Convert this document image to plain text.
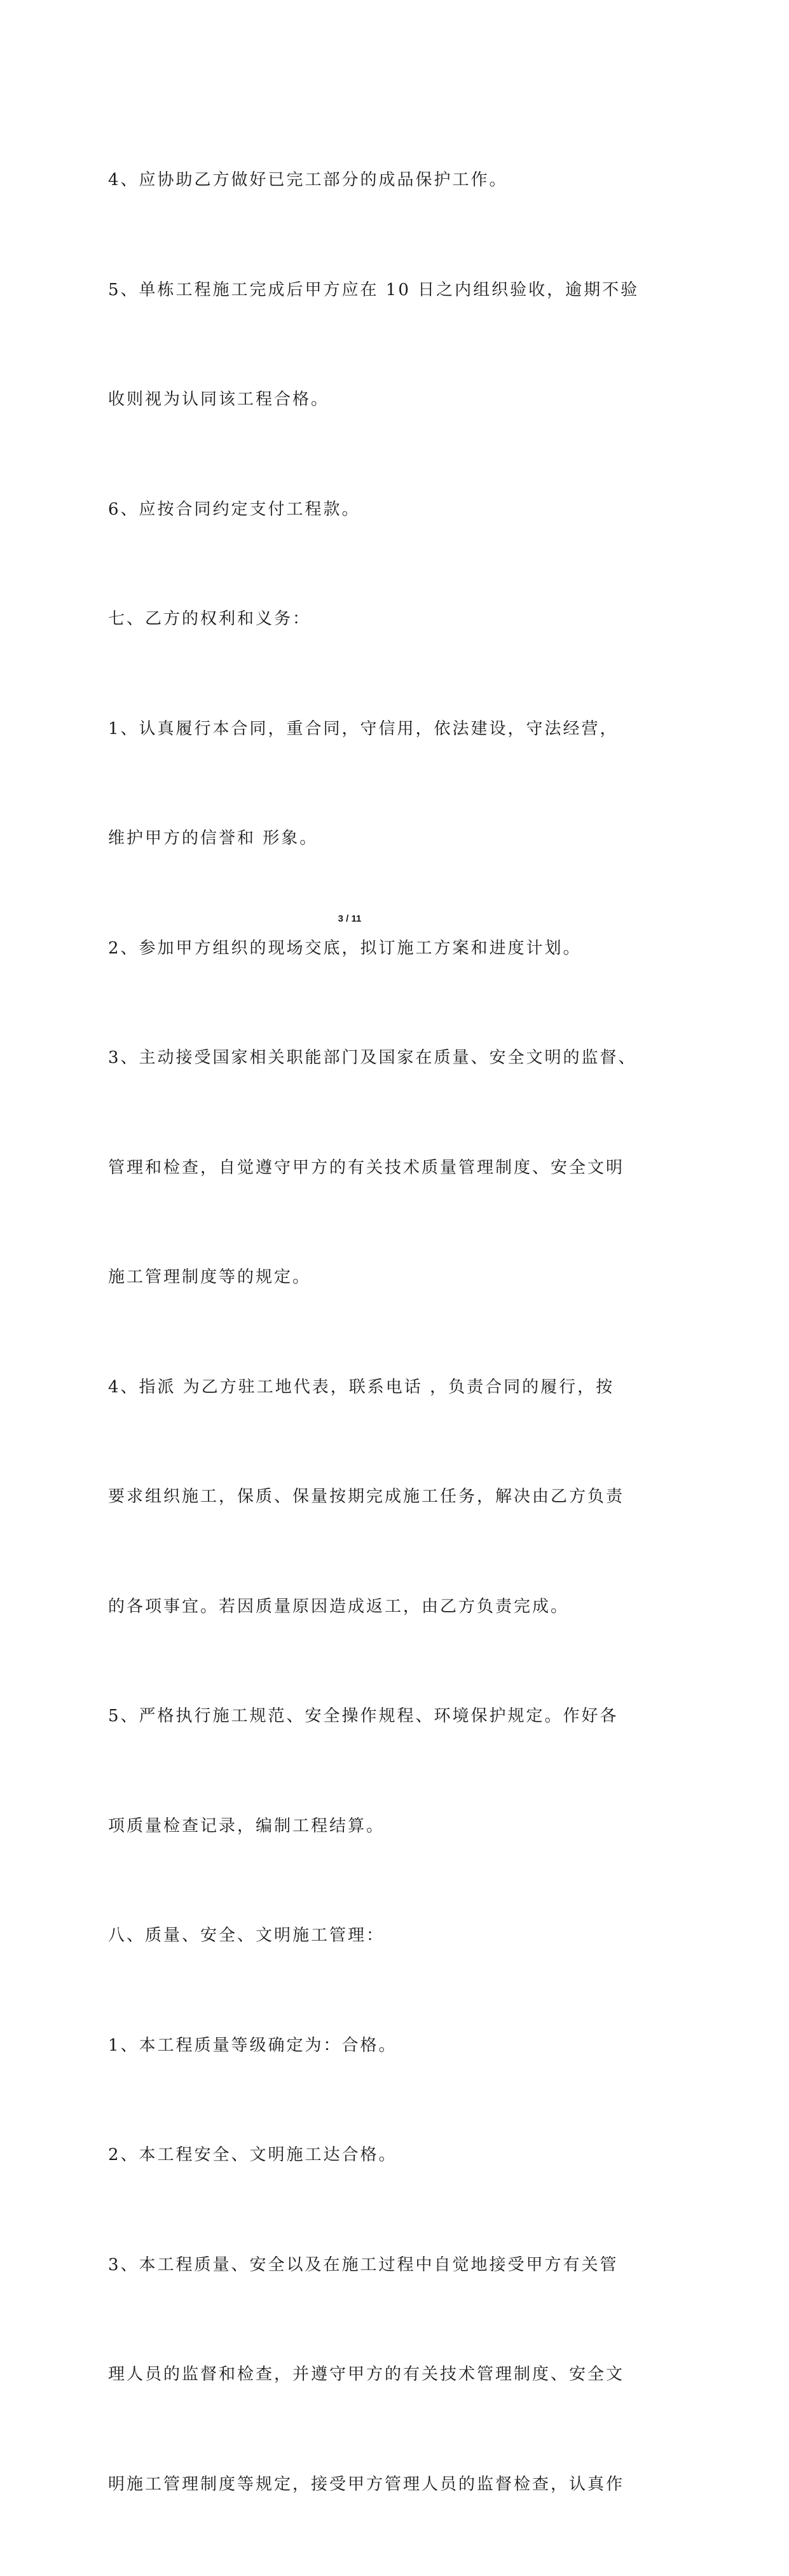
4、应协助乙方做好已完工部分的成品保护工作。

5、单栋工程施工完成后甲方应在 10 日之内组织验收，逾期不验

收则视为认同该工程合格。

6、应按合同约定支付工程款。

七、乙方的权利和义务：

1、认真履行本合同，重合同，守信用，依法建设，守法经营，

维护甲方的信誉和 形象。

2、参加甲方组织的现场交底，拟订施工方案和进度计划。

3、主动接受国家相关职能部门及国家在质量、安全文明的监督、

管理和检查，自觉遵守甲方的有关技术质量管理制度、安全文明

施工管理制度等的规定。

4、指派 为乙方驻工地代表，联系电话 ，负责合同的履行，按

要求组织施工，保质、保量按期完成施工任务，解决由乙方负责

的各项事宜。若因质量原因造成返工，由乙方负责完成。

5、严格执行施工规范、安全操作规程、环境保护规定。作好各

项质量检查记录，编制工程结算。

八、质量、安全、文明施工管理：

1、本工程质量等级确定为：合格。

2、本工程安全、文明施工达合格。

3、本工程质量、安全以及在施工过程中自觉地接受甲方有关管

理人员的监督和检查，并遵守甲方的有关技术管理制度、安全文

明施工管理制度等规定，接受甲方管理人员的监督检查，认真作

3 / 11
